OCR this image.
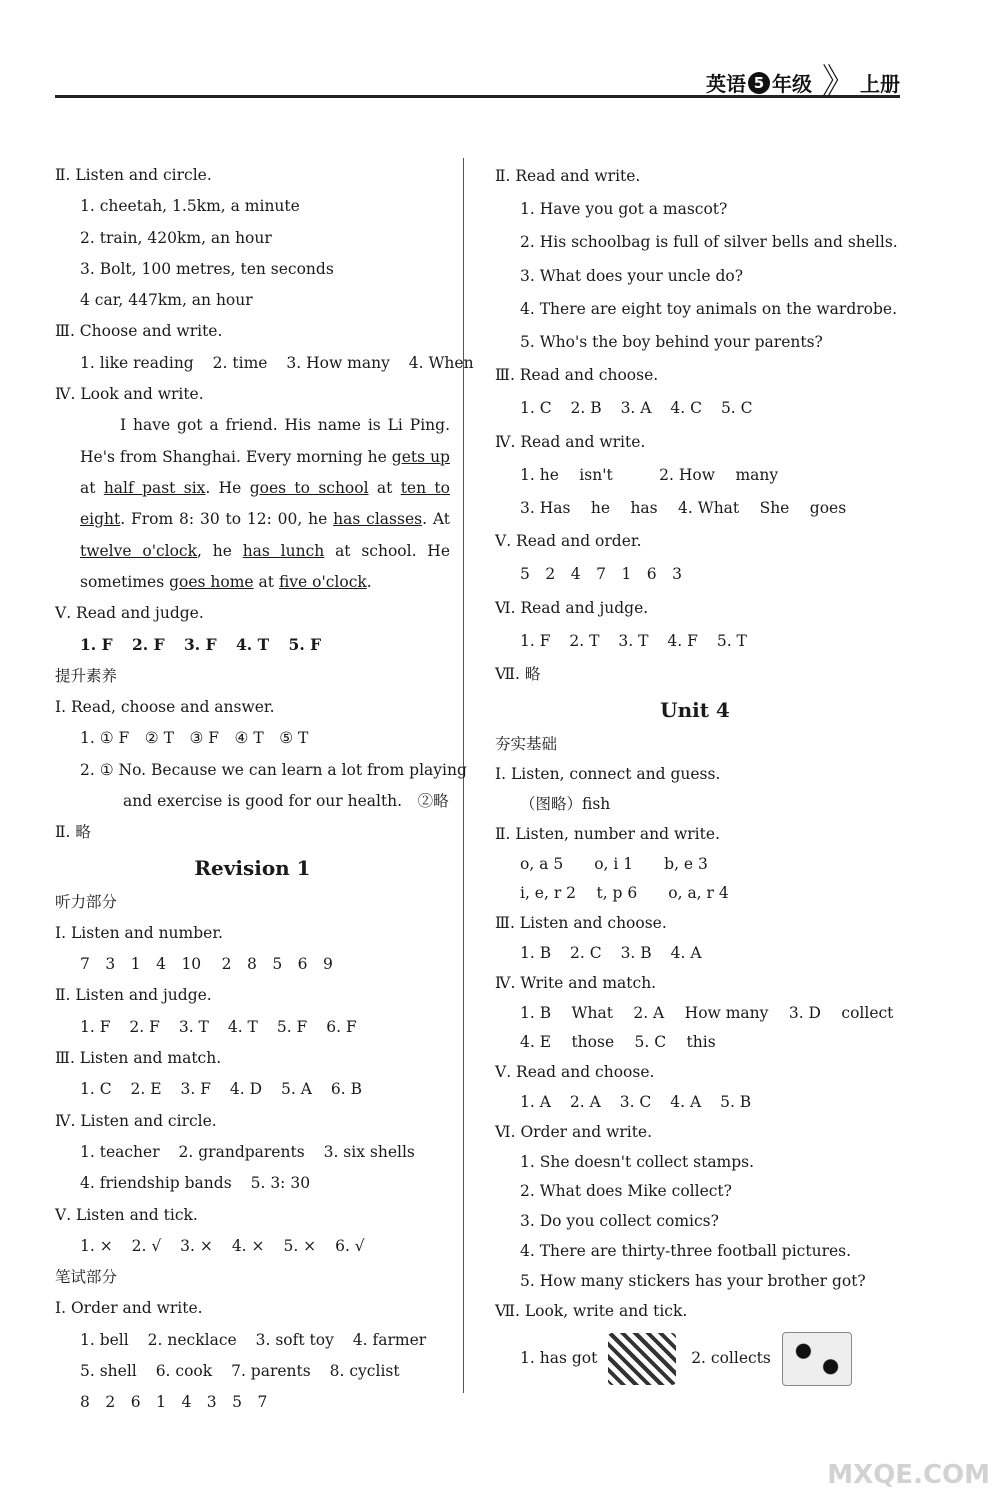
英语 5 年级 》 上册
Ⅱ. Listen and circle.
1. cheetah, 1.5km, a minute
2. train, 420km, an hour
3. Bolt, 100 metres, ten seconds
4 car, 447km, an hour
Ⅲ. Choose and write.
1. like reading 2. time 3. How many 4. When
Ⅳ. Look and write.
I have got a friend. His name is Li Ping. He's from Shanghai. Every morning he gets up at half past six. He goes to school at ten to eight. From 8: 30 to 12: 00, he has classes. At twelve o'clock, he has lunch at school. He sometimes goes home at five o'clock.
Ⅴ. Read and judge.
1. F 2. F 3. F 4. T 5. F
提升素养
Ⅰ. Read, choose and answer.
1. ① F　② T　③ F　④ T　⑤ T
2. ① No. Because we can learn a lot from playing
and exercise is good for our health.　②略
Ⅱ. 略
Revision 1
听力部分
Ⅰ. Listen and number.
7　3　1　4　10　 2　8　5　6　9
Ⅱ. Listen and judge.
1. F 2. F 3. T 4. T 5. F 6. F
Ⅲ. Listen and match.
1. C 2. E 3. F 4. D 5. A 6. B
Ⅳ. Listen and circle.
1. teacher 2. grandparents 3. six shells
4. friendship bands 5. 3: 30
Ⅴ. Listen and tick.
1. × 2. √ 3. × 4. × 5. × 6. √
笔试部分
Ⅰ. Order and write.
1. bell 2. necklace 3. soft toy 4. farmer
5. shell 6. cook 7. parents 8. cyclist
8　2　6　1　4　3　5　7
Ⅱ. Read and write.
1. Have you got a mascot?
2. His schoolbag is full of silver bells and shells.
3. What does your uncle do?
4. There are eight toy animals on the wardrobe.
5. Who's the boy behind your parents?
Ⅲ. Read and choose.
1. C 2. B 3. A 4. C 5. C
Ⅳ. Read and write.
1. he　 isn't　　　2. How　 many
3. Has　 he　 has　 4. What　 She　 goes
Ⅴ. Read and order.
5　2　4　7　1　6　3
Ⅵ. Read and judge.
1. F 2. T 3. T 4. F 5. T
Ⅶ. 略
Unit 4
夯实基础
Ⅰ. Listen, connect and guess.
（图略）fish
Ⅱ. Listen, number and write.
o, a 5　　o, i 1　　b, e 3
i, e, r 2　 t, p 6　　o, a, r 4
Ⅲ. Listen and choose.
1. B 2. C 3. B 4. A
Ⅳ. Write and match.
1. B　 What　 2. A　 How many　 3. D　 collect
4. E　 those　 5. C　 this
Ⅴ. Read and choose.
1. A 2. A 3. C 4. A 5. B
Ⅵ. Order and write.
1. She doesn't collect stamps.
2. What does Mike collect?
3. Do you collect comics?
4. There are thirty-three football pictures.
5. How many stickers has your brother got?
Ⅶ. Look, write and tick.
1. has got	2. collects
MXQE.COM
